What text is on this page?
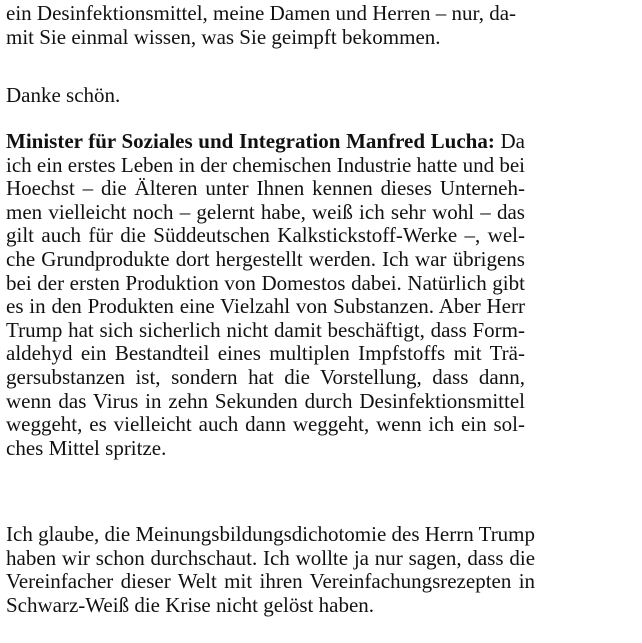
ein Desinfektionsmittel, meine Damen und Herren – nur, da-
mit Sie einmal wissen, was Sie geimpft bekommen.
Danke schön.
Minister für Soziales und Integration Manfred Lucha: Da
ich ein erstes Leben in der chemischen Industrie hatte und bei
Hoechst – die Älteren unter Ihnen kennen dieses Unterneh-
men vielleicht noch – gelernt habe, weiß ich sehr wohl – das
gilt auch für die Süddeutschen Kalkstickstoff-Werke –, wel-
che Grundprodukte dort hergestellt werden. Ich war übrigens
bei der ersten Produktion von Domestos dabei. Natürlich gibt
es in den Produkten eine Vielzahl von Substanzen. Aber Herr
Trump hat sich sicherlich nicht damit beschäftigt, dass Form-
aldehyd ein Bestandteil eines multiplen Impfstoffs mit Trä-
gersubstanzen ist, sondern hat die Vorstellung, dass dann,
wenn das Virus in zehn Sekunden durch Desinfektionsmittel
weggeht, es vielleicht auch dann weggeht, wenn ich ein sol-
ches Mittel spritze.
Ich glaube, die Meinungsbildungsdichotomie des Herrn Trump
haben wir schon durchschaut. Ich wollte ja nur sagen, dass die
Vereinfacher dieser Welt mit ihren Vereinfachungsrezepten in
Schwarz-Weiß die Krise nicht gelöst haben.
